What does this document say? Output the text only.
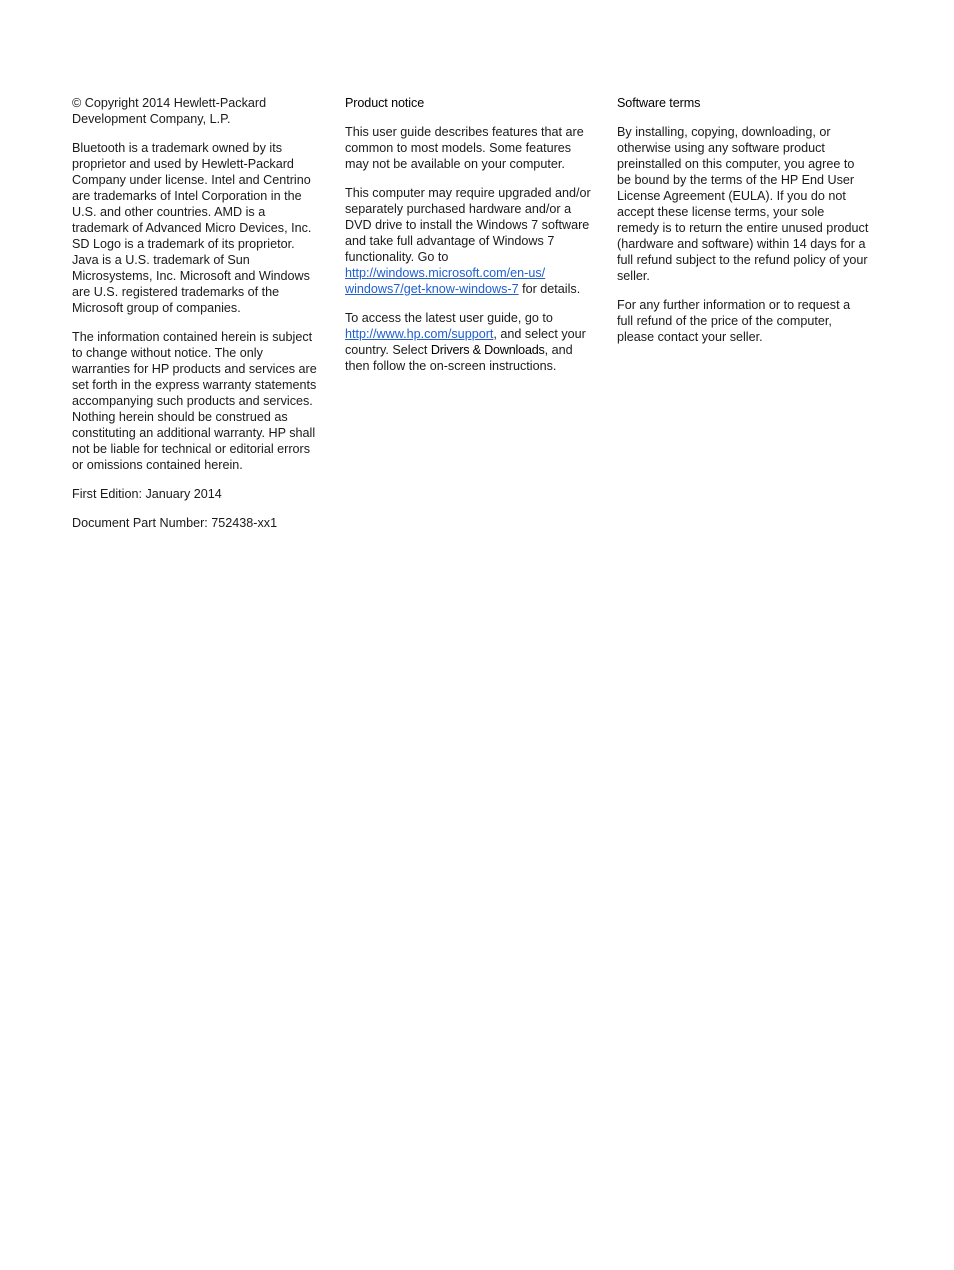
© Copyright 2014 Hewlett-Packard Development Company, L.P.

Bluetooth is a trademark owned by its proprietor and used by Hewlett-Packard Company under license. Intel and Centrino are trademarks of Intel Corporation in the U.S. and other countries. AMD is a trademark of Advanced Micro Devices, Inc. SD Logo is a trademark of its proprietor. Java is a U.S. trademark of Sun Microsystems, Inc. Microsoft and Windows are U.S. registered trademarks of the Microsoft group of companies.

The information contained herein is subject to change without notice. The only warranties for HP products and services are set forth in the express warranty statements accompanying such products and services. Nothing herein should be construed as constituting an additional warranty. HP shall not be liable for technical or editorial errors or omissions contained herein.

First Edition: January 2014

Document Part Number: 752438-xx1

Product notice

This user guide describes features that are common to most models. Some features may not be available on your computer.

This computer may require upgraded and/or separately purchased hardware and/or a DVD drive to install the Windows 7 software and take full advantage of Windows 7 functionality. Go to
http://windows.microsoft.com/en-us/
windows7/get-know-windows-7 for details.

To access the latest user guide, go to
http://www.hp.com/support, and select your country. Select Drivers & Downloads, and then follow the on-screen instructions.

Software terms

By installing, copying, downloading, or otherwise using any software product preinstalled on this computer, you agree to be bound by the terms of the HP End User License Agreement (EULA). If you do not accept these license terms, your sole remedy is to return the entire unused product (hardware and software) within 14 days for a full refund subject to the refund policy of your seller.

For any further information or to request a full refund of the price of the computer, please contact your seller.
